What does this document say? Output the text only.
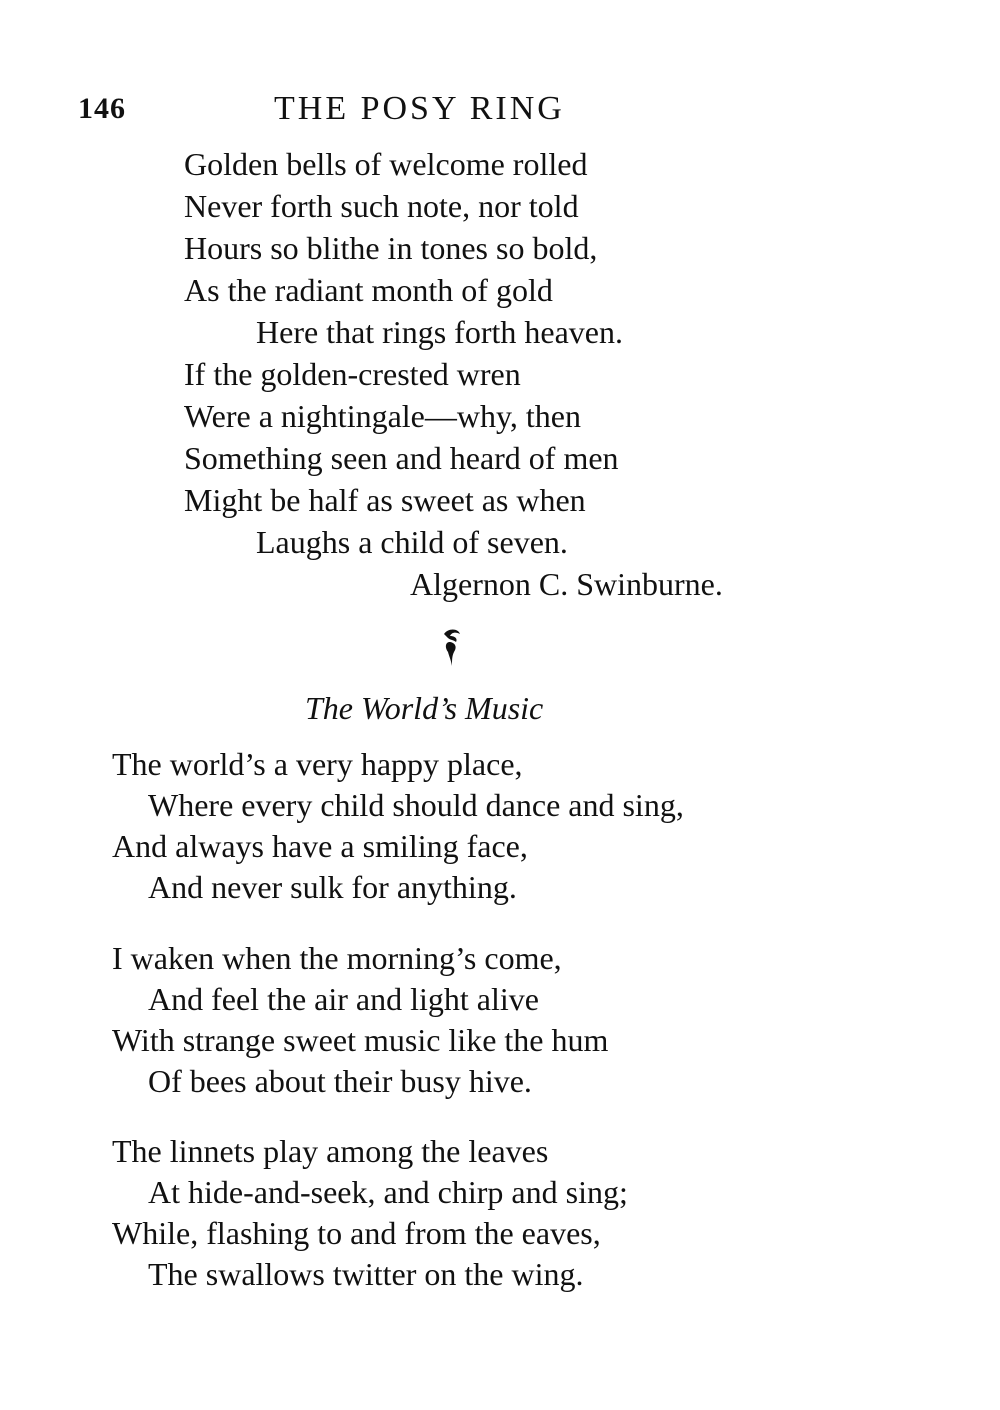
146	THE POSY RING
Golden bells of welcome rolled
Never forth such note, nor told
Hours so blithe in tones so bold,
As the radiant month of gold
Here that rings forth heaven.
If the golden-crested wren
Were a nightingale—why, then
Something seen and heard of men
Might be half as sweet as when
Laughs a child of seven.
Algernon C. Swinburne.
The World’s Music
The world’s a very happy place,
Where every child should dance and sing,
And always have a smiling face,
And never sulk for anything.
I waken when the morning’s come,
And feel the air and light alive
With strange sweet music like the hum
Of bees about their busy hive.
The linnets play among the leaves
At hide-and-seek, and chirp and sing;
While, flashing to and from the eaves,
The swallows twitter on the wing.
